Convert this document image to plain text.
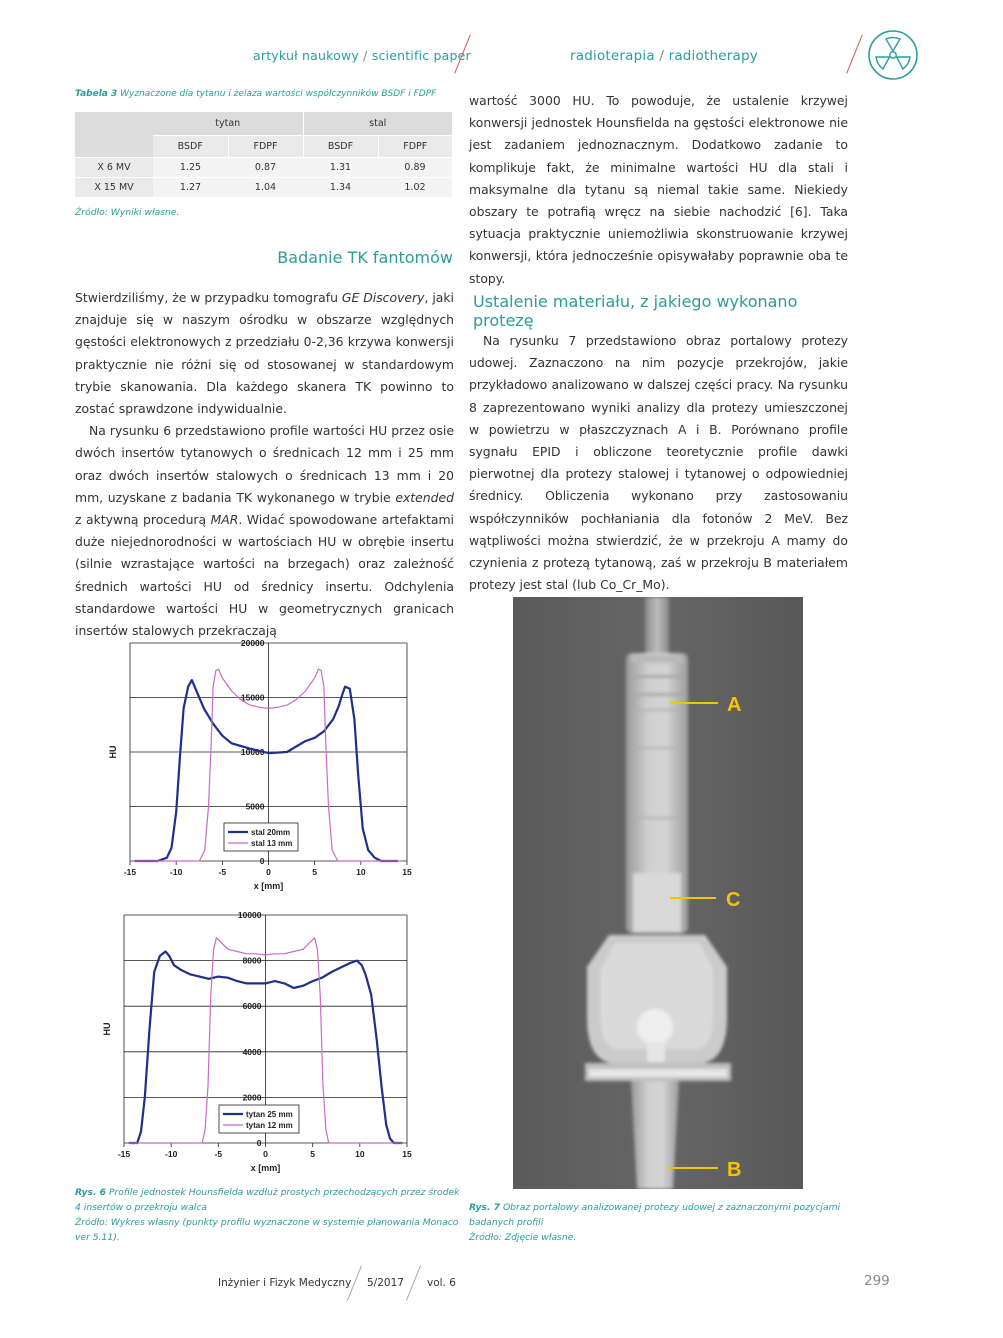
artykuł naukowy / scientific paper	radioterapia / radiotherapy
Tabela 3 Wyznaczone dla tytanu i żelaza wartości współczynników BSDF i FDPF
	tytan		stal	
	BSDF	FDPF	BSDF	FDPF
X 6 MV	1.25	0.87	1.31	0.89
X 15 MV	1.27	1.04	1.34	1.02
Źródło: Wyniki własne.
Badanie TK fantomów

Stwierdziliśmy, że w przypadku tomografu GE Discovery, jaki znajduje się w naszym ośrodku w obszarze względnych gęstości elektronowych z przedziału 0-2,36 krzywa konwersji praktycznie nie różni się od stosowanej w standardowym trybie skanowania. Dla każdego skanera TK powinno to zostać sprawdzone indywidualnie.

Na rysunku 6 przedstawiono profile wartości HU przez osie dwóch insertów tytanowych o średnicach 12 mm i 25 mm oraz dwóch insertów stalowych o średnicach 13 mm i 20 mm, uzyskane z badania TK wykonanego w trybie extended z aktywną procedurą MAR. Widać spowodowane artefaktami duże niejednorodności w wartościach HU w obrębie insertu (silnie wzrastające wartości na brzegach) oraz zależność średnich wartości HU od średnicy insertu. Odchylenia standardowe wartości HU w geometrycznych granicach insertów stalowych przekraczają

wartość 3000 HU. To powoduje, że ustalenie krzywej konwersji jednostek Hounsfielda na gęstości elektronowe nie jest zadaniem jednoznacznym. Dodatkowo zadanie to komplikuje fakt, że minimalne wartości HU dla stali i maksymalne dla tytanu są niemal takie same. Niekiedy obszary te potrafią wręcz na siebie nachodzić [6]. Taka sytuacja praktycznie uniemożliwia skonstruowanie krzywej konwersji, która jednocześnie opisywałaby poprawnie oba te stopy.
Ustalenie materiału, z jakiego wykonano protezę

Na rysunku 7 przedstawiono obraz portalowy protezy udowej. Zaznaczono na nim pozycje przekrojów, jakie przykładowo analizowano w dalszej części pracy. Na rysunku 8 zaprezentowano wyniki analizy dla protezy umieszczonej w powietrzu w płaszczyznach A i B. Porównano profile sygnału EPID i obliczone teoretycznie profile dawki pierwotnej dla protezy stalowej i tytanowej o odpowiedniej średnicy. Obliczenia wykonano przy zastosowaniu współczynników pochłaniania dla fotonów 2 MeV. Bez wątpliwości można stwierdzić, że w przekroju A mamy do czynienia z protezą tytanową, zaś w przekroju B materiałem protezy jest stal (lub Co_Cr_Mo).

0
5000
10000
15000
20000
-15	-10	-5	0	5	10	15
x [mm]
HU
stal 20mm
stal 13 mm
0
2000
4000
6000
8000
10000
-15	-10	-5	0	5	10	15
x [mm]
HU
tytan 25 mm
tytan 12 mm
Rys. 6 Profile jednostek Hounsfielda wzdłuż prostych przechodzących przez środek 4 insertów o przekroju walca
Źródło: Wykres własny (punkty profilu wyznaczone w systemie planowania Monaco ver 5.11).
A
C
B
Rys. 7 Obraz portalowy analizowanej protezy udowej z zaznaczonymi pozycjami badanych profili
Źródło: Zdjęcie własne.
Inżynier i Fizyk Medyczny 5/2017 vol. 6	299
